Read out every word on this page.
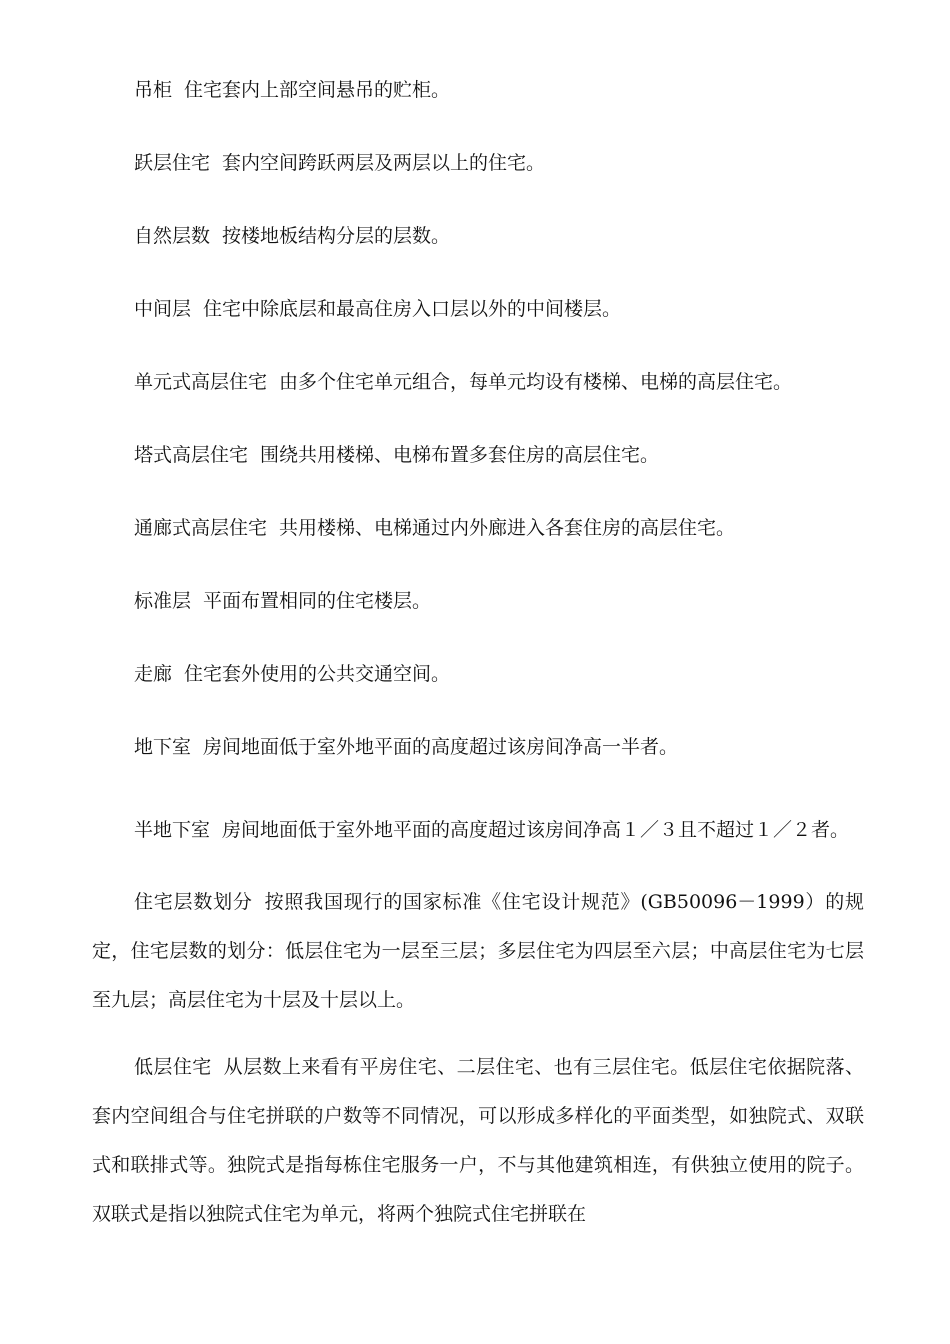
吊柜 住宅套内上部空间悬吊的贮柜。

跃层住宅 套内空间跨跃两层及两层以上的住宅。

自然层数 按楼地板结构分层的层数。

中间层 住宅中除底层和最高住房入口层以外的中间楼层。

单元式高层住宅 由多个住宅单元组合，每单元均设有楼梯、电梯的高层住宅。

塔式高层住宅 围绕共用楼梯、电梯布置多套住房的高层住宅。

通廊式高层住宅 共用楼梯、电梯通过内外廊进入各套住房的高层住宅。

标准层 平面布置相同的住宅楼层。

走廊 住宅套外使用的公共交通空间。

地下室 房间地面低于室外地平面的高度超过该房间净高一半者。

半地下室 房间地面低于室外地平面的高度超过该房间净高１／３且不超过１／２者。

住宅层数划分 按照我国现行的国家标准《住宅设计规范》(GB50096－1999）的规定，住宅层数的划分：低层住宅为一层至三层；多层住宅为四层至六层；中高层住宅为七层至九层；高层住宅为十层及十层以上。

低层住宅 从层数上来看有平房住宅、二层住宅、也有三层住宅。低层住宅依据院落、套内空间组合与住宅拼联的户数等不同情况，可以形成多样化的平面类型，如独院式、双联式和联排式等。独院式是指每栋住宅服务一户，不与其他建筑相连，有供独立使用的院子。双联式是指以独院式住宅为单元，将两个独院式住宅拼联在
